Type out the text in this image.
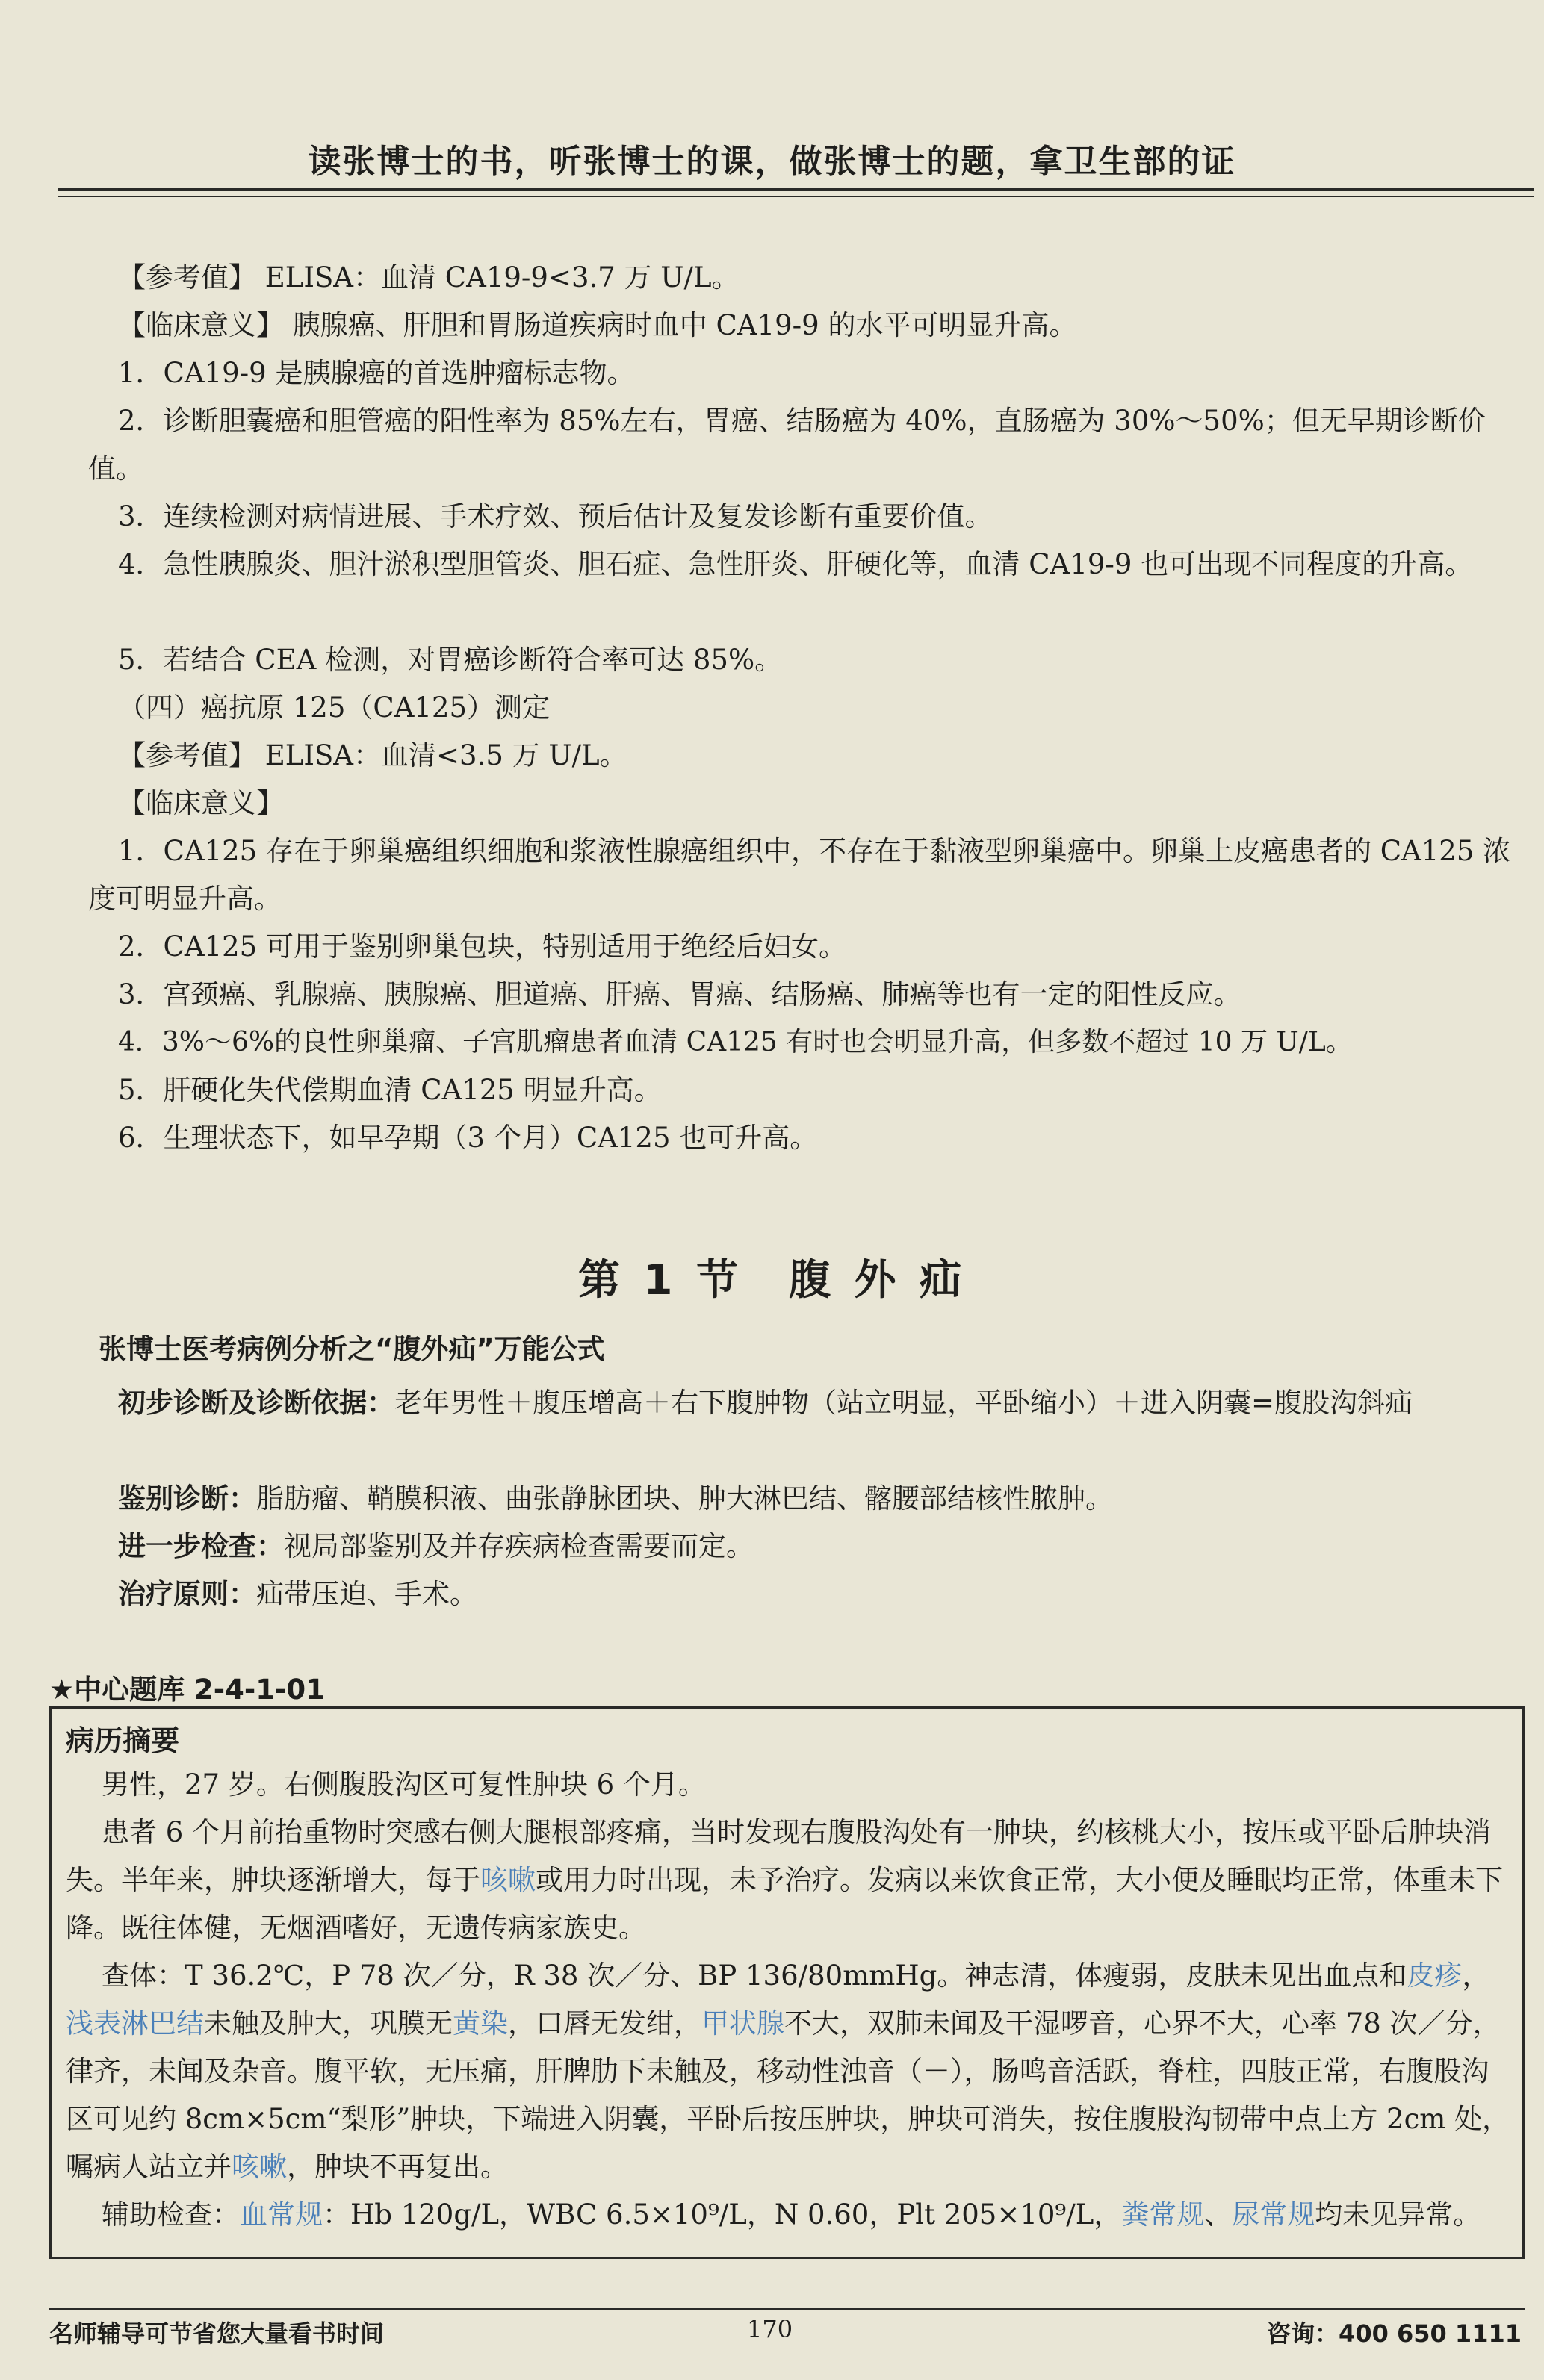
读张博士的书，听张博士的课，做张博士的题，拿卫生部的证
【参考值】 ELISA：血清 CA19-9<3.7 万 U/L。
【临床意义】 胰腺癌、肝胆和胃肠道疾病时血中 CA19-9 的水平可明显升高。
1．CA19-9 是胰腺癌的首选肿瘤标志物。
2．诊断胆囊癌和胆管癌的阳性率为 85%左右，胃癌、结肠癌为 40%，直肠癌为 30%～50%；但无早期诊断价值。
3．连续检测对病情进展、手术疗效、预后估计及复发诊断有重要价值。
4．急性胰腺炎、胆汁淤积型胆管炎、胆石症、急性肝炎、肝硬化等，血清 CA19-9 也可出现不同程度的升高。
5．若结合 CEA 检测，对胃癌诊断符合率可达 85%。
（四）癌抗原 125（CA125）测定
【参考值】 ELISA：血清<3.5 万 U/L。
【临床意义】
1．CA125 存在于卵巢癌组织细胞和浆液性腺癌组织中，不存在于黏液型卵巢癌中。卵巢上皮癌患者的 CA125 浓度可明显升高。
2．CA125 可用于鉴别卵巢包块，特别适用于绝经后妇女。
3．宫颈癌、乳腺癌、胰腺癌、胆道癌、肝癌、胃癌、结肠癌、肺癌等也有一定的阳性反应。
4．3%～6%的良性卵巢瘤、子宫肌瘤患者血清 CA125 有时也会明显升高，但多数不超过 10 万 U/L。
5．肝硬化失代偿期血清 CA125 明显升高。
6．生理状态下，如早孕期（3 个月）CA125 也可升高。
第 1 节　腹 外 疝
张博士医考病例分析之“腹外疝”万能公式
初步诊断及诊断依据：老年男性＋腹压增高＋右下腹肿物（站立明显，平卧缩小）＋进入阴囊=腹股沟斜疝
鉴别诊断：脂肪瘤、鞘膜积液、曲张静脉团块、肿大淋巴结、髂腰部结核性脓肿。
进一步检查：视局部鉴别及并存疾病检查需要而定。
治疗原则：疝带压迫、手术。
★中心题库 2-4-1-01
病历摘要
男性，27 岁。右侧腹股沟区可复性肿块 6 个月。
患者 6 个月前抬重物时突感右侧大腿根部疼痛，当时发现右腹股沟处有一肿块，约核桃大小，按压或平卧后肿块消失。半年来，肿块逐渐增大，每于咳嗽或用力时出现，未予治疗。发病以来饮食正常，大小便及睡眠均正常，体重未下降。既往体健，无烟酒嗜好，无遗传病家族史。
查体：T 36.2℃，P 78 次／分，R 38 次／分、BP 136/80mmHg。神志清，体瘦弱，皮肤未见出血点和皮疹，浅表淋巴结未触及肿大，巩膜无黄染，口唇无发绀，甲状腺不大，双肺未闻及干湿啰音，心界不大，心率 78 次／分，律齐，未闻及杂音。腹平软，无压痛，肝脾肋下未触及，移动性浊音（－），肠鸣音活跃，脊柱，四肢正常，右腹股沟区可见约 8cm×5cm“梨形”肿块，下端进入阴囊，平卧后按压肿块，肿块可消失，按住腹股沟韧带中点上方 2cm 处，嘱病人站立并咳嗽，肿块不再复出。
辅助检查：血常规：Hb 120g/L，WBC 6.5×10⁹/L，N 0.60，Plt 205×10⁹/L，粪常规、尿常规均未见异常。
名师辅导可节省您大量看书时间	170	咨询：400 650 1111
